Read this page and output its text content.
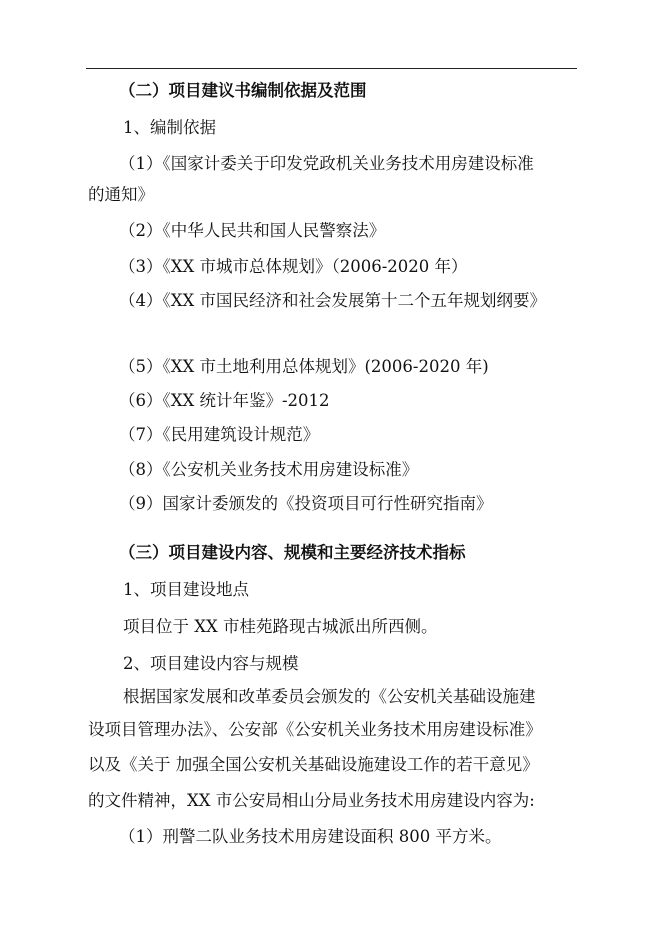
（二）项目建议书编制依据及范围
1、编制依据
（1）《国家计委关于印发党政机关业务技术用房建设标准
的通知》
（2）《中华人民共和国人民警察法》
（3）《XX 市城市总体规划》（2006-2020 年）
（4）《XX 市国民经济和社会发展第十二个五年规划纲要》
（5）《XX 市土地利用总体规划》(2006-2020 年)
（6）《XX 统计年鉴》-2012
（7）《民用建筑设计规范》
（8）《公安机关业务技术用房建设标准》
（9）国家计委颁发的《投资项目可行性研究指南》
（三）项目建设内容、规模和主要经济技术指标
1、项目建设地点
项目位于 XX 市桂苑路现古城派出所西侧。
2、项目建设内容与规模
根据国家发展和改革委员会颁发的《公安机关基础设施建
设项目管理办法》、公安部《公安机关业务技术用房建设标准》
以及《关于 加强全国公安机关基础设施建设工作的若干意见》
的文件精神，XX 市公安局相山分局业务技术用房建设内容为:
（1）刑警二队业务技术用房建设面积 800 平方米。
